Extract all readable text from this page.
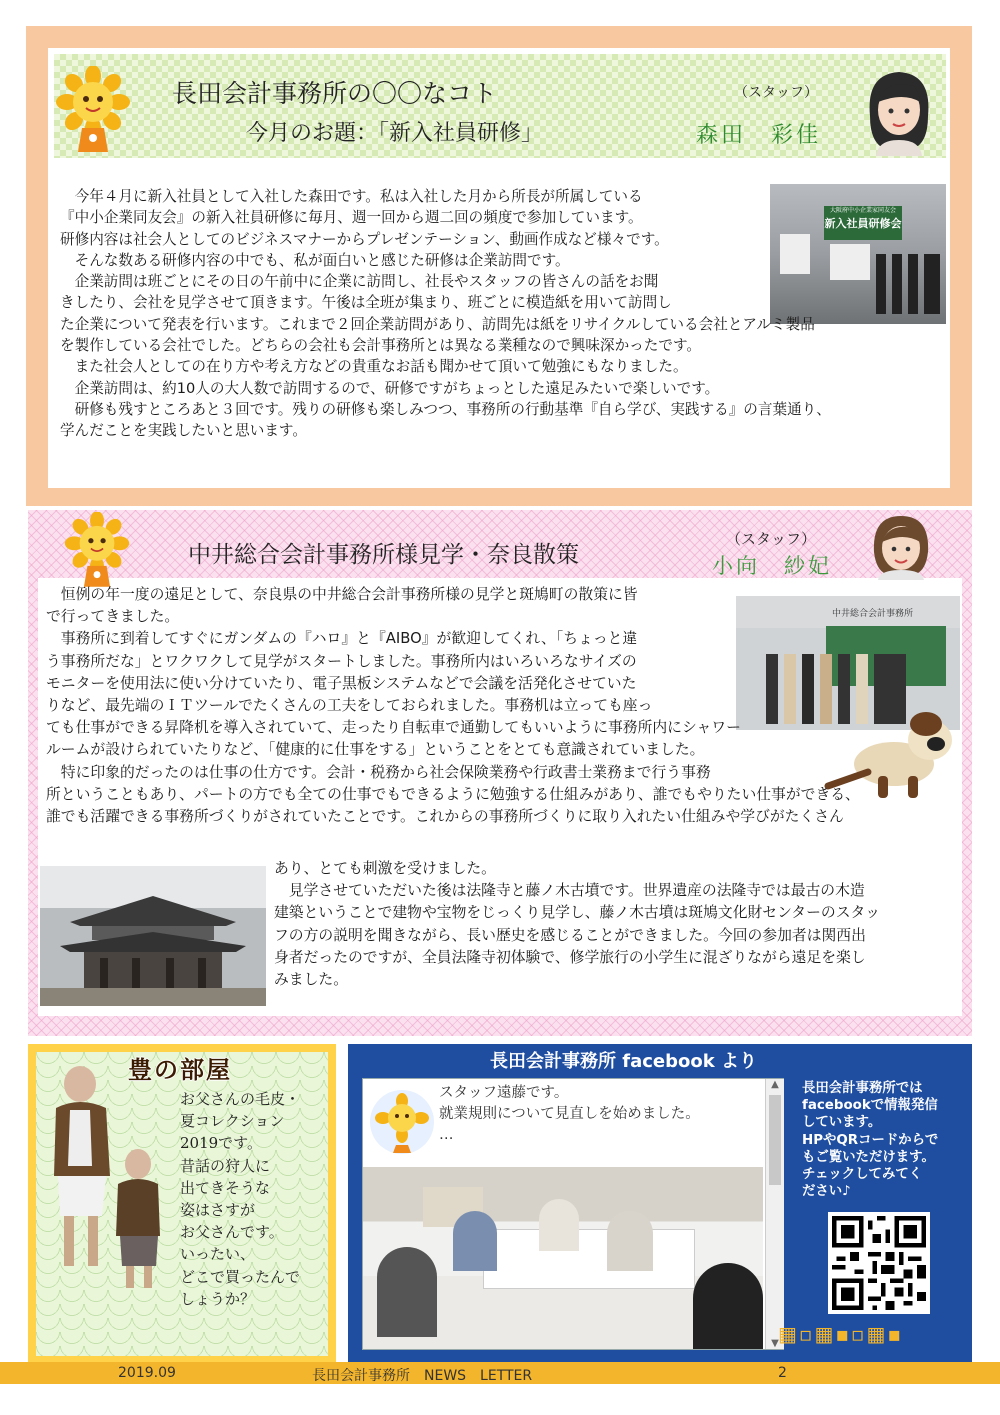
長田会計事務所の〇〇なコト
今月のお題：「新入社員研修」
（スタッフ）
森田　彩佳
大阪府中小企業家同友会
新入社員研修会

　今年４月に新入社員として入社した森田です。私は入社した月から所長が所属している

『中小企業同友会』の新入社員研修に毎月、週一回から週二回の頻度で参加しています。

研修内容は社会人としてのビジネスマナーからプレゼンテーション、動画作成など様々です。

　そんな数ある研修内容の中でも、私が面白いと感じた研修は企業訪問です。

　企業訪問は班ごとにその日の午前中に企業に訪問し、社長やスタッフの皆さんの話をお聞

きしたり、会社を見学させて頂きます。午後は全班が集まり、班ごとに模造紙を用いて訪問し

た企業について発表を行います。これまで２回企業訪問があり、訪問先は紙をリサイクルしている会社とアルミ製品

を製作している会社でした。どちらの会社も会計事務所とは異なる業種なので興味深かったです。

　また社会人としての在り方や考え方などの貴重なお話も聞かせて頂いて勉強にもなりました。

　企業訪問は、約10人の大人数で訪問するので、研修ですがちょっとした遠足みたいで楽しいです。

　研修も残すところあと３回です。残りの研修も楽しみつつ、事務所の行動基準『自ら学び、実践する』の言葉通り、

学んだことを実践したいと思います。

中井総合会計事務所様見学・奈良散策
（スタッフ）
小向　紗妃
中井総合会計事務所

　恒例の年一度の遠足として、奈良県の中井総合会計事務所様の見学と斑鳩町の散策に皆

で行ってきました。

　事務所に到着してすぐにガンダムの『ハロ』と『AIBO』が歓迎してくれ、「ちょっと違

う事務所だな」とワクワクして見学がスタートしました。事務所内はいろいろなサイズの

モニターを使用法に使い分けていたり、電子黒板システムなどで会議を活発化させていた

りなど、最先端のＩＴツールでたくさんの工夫をしておられました。事務机は立っても座っ

ても仕事ができる昇降机を導入されていて、走ったり自転車で通勤してもいいように事務所内にシャワー

ルームが設けられていたりなど、「健康的に仕事をする」ということをとても意識されていました。

　特に印象的だったのは仕事の仕方です。会計・税務から社会保険業務や行政書士業務まで行う事務

所ということもあり、パートの方でも全ての仕事でもできるように勉強する仕組みがあり、誰でもやりたい仕事ができる、

誰でも活躍できる事務所づくりがされていたことです。これからの事務所づくりに取り入れたい仕組みや学びがたくさん

あり、とても刺激を受けました。

　見学させていただいた後は法隆寺と藤ノ木古墳です。世界遺産の法隆寺では最古の木造

建築ということで建物や宝物をじっくり見学し、藤ノ木古墳は斑鳩文化財センターのスタッ

フの方の説明を聞きながら、長い歴史を感じることができました。今回の参加者は関西出

身者だったのですが、全員法隆寺初体験で、修学旅行の小学生に混ざりながら遠足を楽し

みました。

豊の部屋
お父さんの毛皮・
夏コレクション
2019です。
昔話の狩人に
出てきそうな
姿はさすが
お父さんです。
いったい、
どこで買ったんで
しょうか？
長田会計事務所 facebook より
スタッフ遠藤です。
就業規則について見直しを始めました。
…
▲
▼
長田会計事務所では
facebookで情報発信
しています。
HPやQRコードからで
もご覧いただけます。
チェックしてみてく
ださい♪
▦▫▦▪▫▦▪
2019.09	長田会計事務所　NEWS　LETTER	2
